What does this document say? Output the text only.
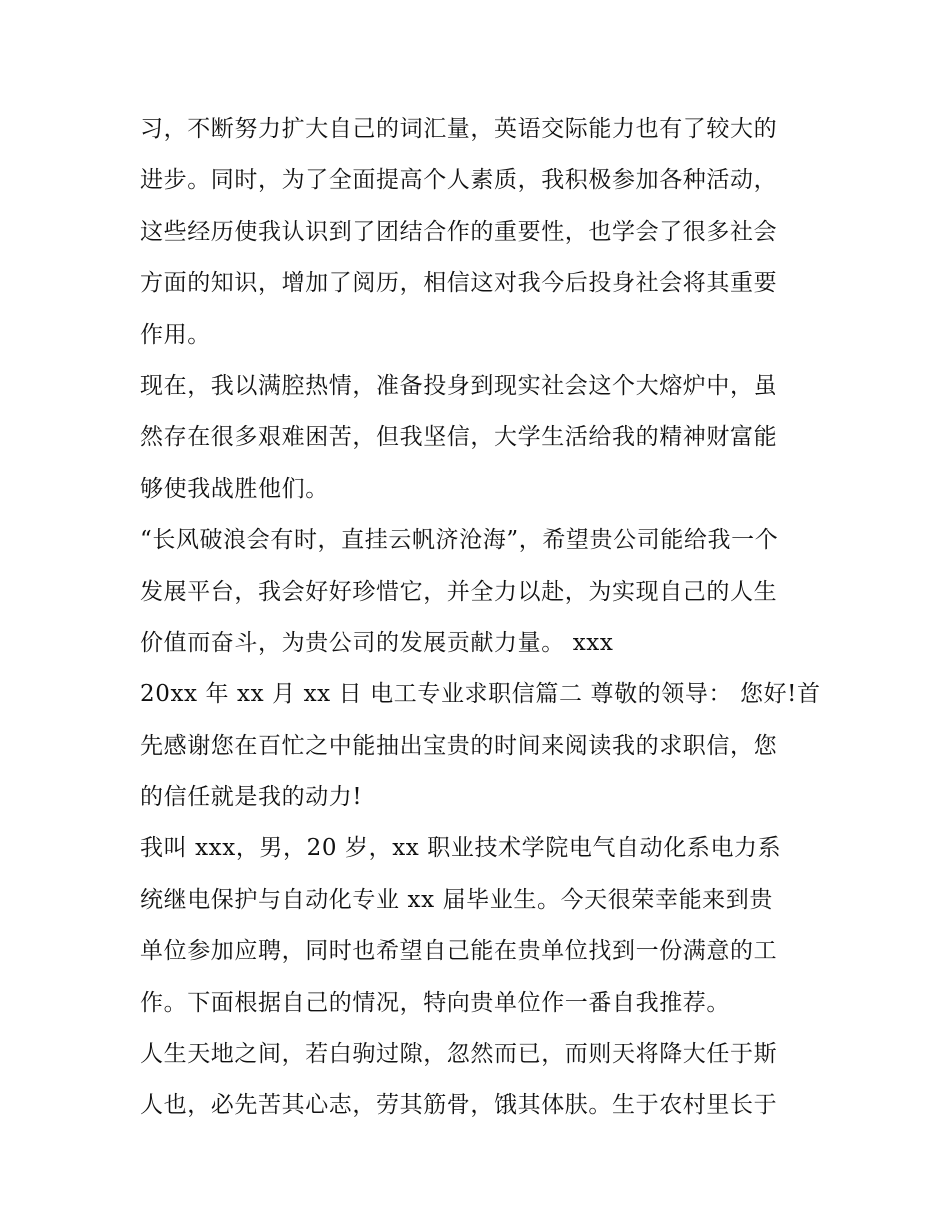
习，不断努力扩大自己的词汇量，英语交际能力也有了较大的
进步。同时，为了全面提高个人素质，我积极参加各种活动，
这些经历使我认识到了团结合作的重要性，也学会了很多社会
方面的知识，增加了阅历，相信这对我今后投身社会将其重要
作用。
现在，我以满腔热情，准备投身到现实社会这个大熔炉中，虽
然存在很多艰难困苦，但我坚信，大学生活给我的精神财富能
够使我战胜他们。
“长风破浪会有时，直挂云帆济沧海”，希望贵公司能给我一个
发展平台，我会好好珍惜它，并全力以赴，为实现自己的人生
价值而奋斗，为贵公司的发展贡献力量。 xxx
20xx 年 xx 月 xx 日 电工专业求职信篇二 尊敬的领导： 您好!首
先感谢您在百忙之中能抽出宝贵的时间来阅读我的求职信，您
的信任就是我的动力!
我叫 xxx，男，20 岁，xx 职业技术学院电气自动化系电力系
统继电保护与自动化专业 xx 届毕业生。今天很荣幸能来到贵
单位参加应聘，同时也希望自己能在贵单位找到一份满意的工
作。下面根据自己的情况，特向贵单位作一番自我推荐。
人生天地之间，若白驹过隙，忽然而已，而则天将降大任于斯
人也，必先苦其心志，劳其筋骨，饿其体肤。生于农村里长于
